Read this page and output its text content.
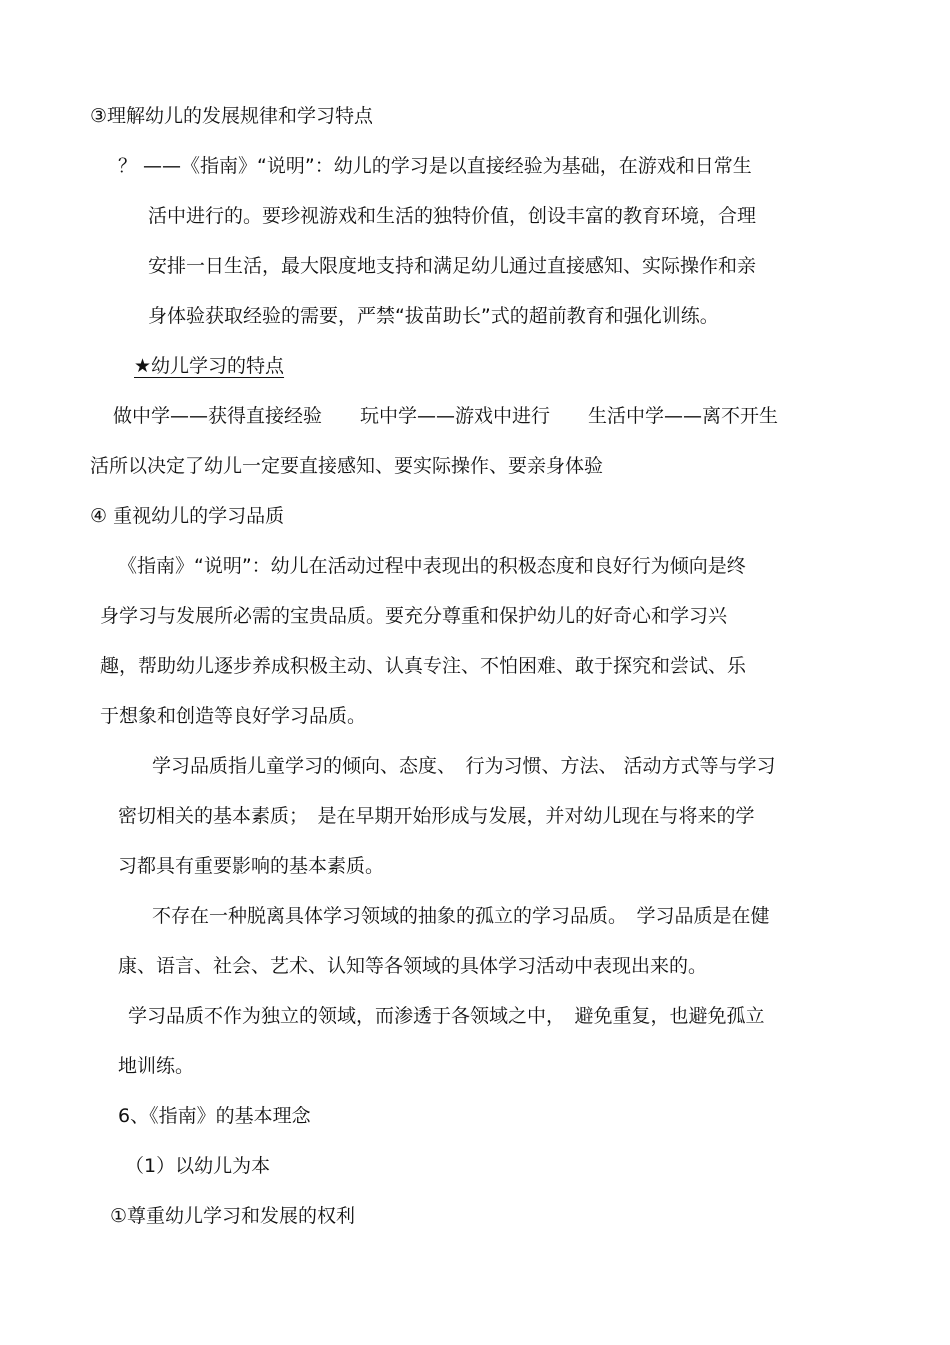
③理解幼儿的发展规律和学习特点
？ ——《指南》“说明”：幼儿的学习是以直接经验为基础，在游戏和日常生
活中进行的。要珍视游戏和生活的独特价值，创设丰富的教育环境，合理
安排一日生活，最大限度地支持和满足幼儿通过直接感知、实际操作和亲
身体验获取经验的需要，严禁“拔苗助长”式的超前教育和强化训练。
★幼儿学习的特点
做中学——获得直接经验　　玩中学——游戏中进行　　生活中学——离不开生
活所以决定了幼儿一定要直接感知、要实际操作、要亲身体验
④ 重视幼儿的学习品质
《指南》“说明”：幼儿在活动过程中表现出的积极态度和良好行为倾向是终
身学习与发展所必需的宝贵品质。要充分尊重和保护幼儿的好奇心和学习兴
趣，帮助幼儿逐步养成积极主动、认真专注、不怕困难、敢于探究和尝试、乐
于想象和创造等良好学习品质。
学习品质指儿童学习的倾向、态度、　行为习惯、方法、 活动方式等与学习
密切相关的基本素质；　是在早期开始形成与发展，并对幼儿现在与将来的学
习都具有重要影响的基本素质。
不存在一种脱离具体学习领域的抽象的孤立的学习品质。　学习品质是在健
康、语言、社会、艺术、认知等各领域的具体学习活动中表现出来的。
学习品质不作为独立的领域，而渗透于各领域之中，　避免重复，也避免孤立
地训练。
6、《指南》的基本理念
（1）以幼儿为本
①尊重幼儿学习和发展的权利
